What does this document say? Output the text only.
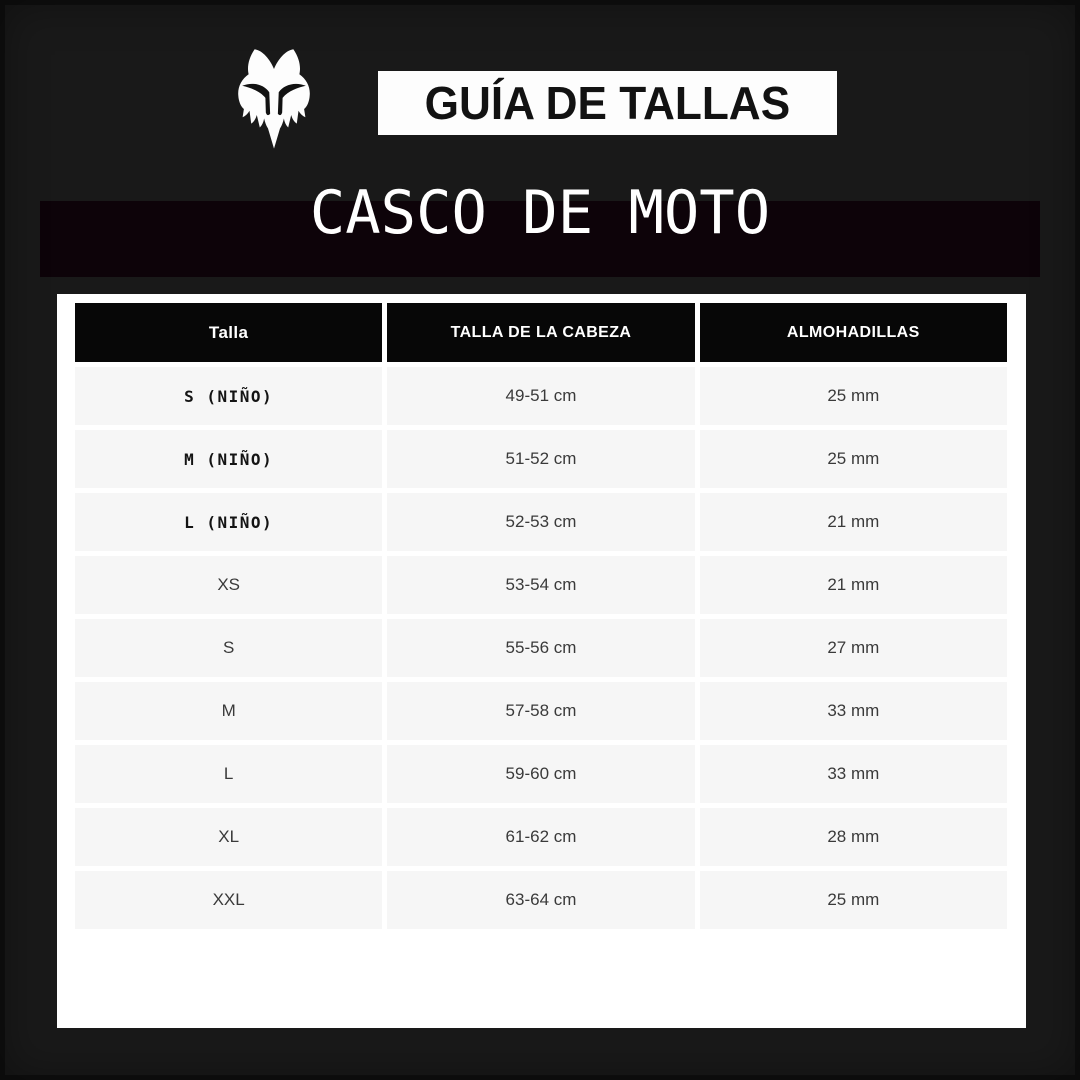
GUÍA DE TALLAS
CASCO DE MOTO
Talla	TALLA DE LA CABEZA	ALMOHADILLAS
S (NIÑO)	49-51 cm	25 mm
M (NIÑO)	51-52 cm	25 mm
L (NIÑO)	52-53 cm	21 mm
XS	53-54 cm	21 mm
S	55-56 cm	27 mm
M	57-58 cm	33 mm
L	59-60 cm	33 mm
XL	61-62 cm	28 mm
XXL	63-64 cm	25 mm
